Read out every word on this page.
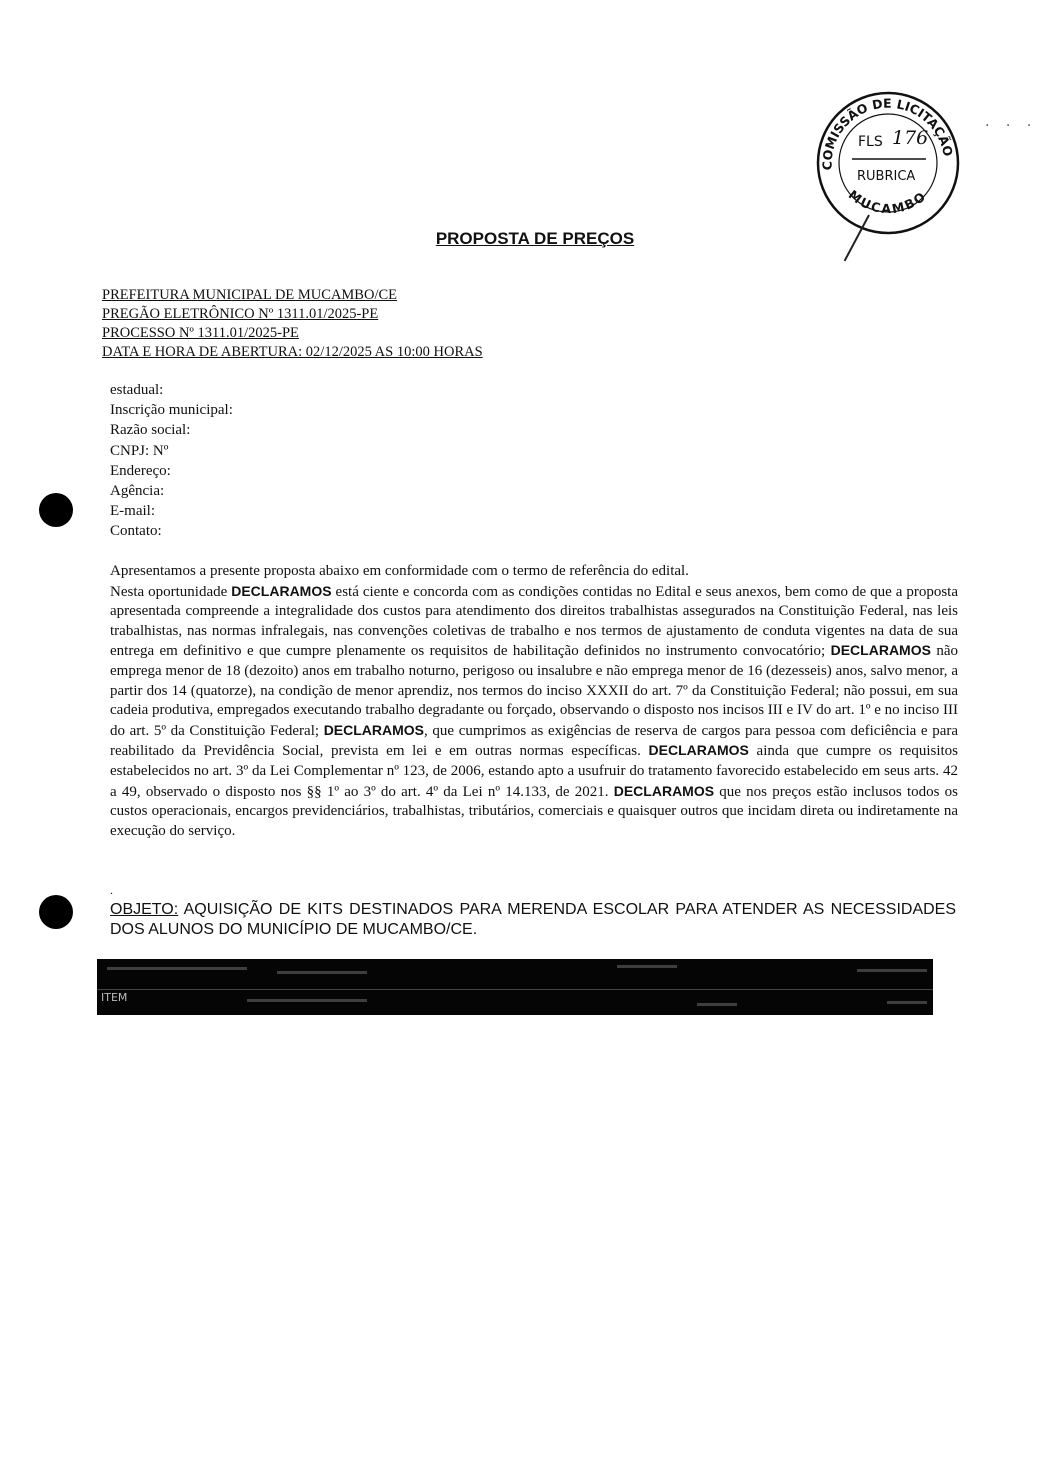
COMISSÃO DE LICITAÇÃO
MUCAMBO
FLS 176
RUBRICA
· · ·
PROPOSTA DE PREÇOS
PREFEITURA MUNICIPAL DE MUCAMBO/CE
PREGÃO ELETRÔNICO Nº 1311.01/2025-PE
PROCESSO Nº 1311.01/2025-PE
DATA E HORA DE ABERTURA: 02/12/2025 AS 10:00 HORAS
estadual:
Inscrição municipal:
Razão social:
CNPJ: Nº
Endereço:
Agência:
E-mail:
Contato:
Apresentamos a presente proposta abaixo em conformidade com o termo de referência do edital.
Nesta oportunidade DECLARAMOS está ciente e concorda com as condições contidas no Edital e seus anexos, bem como de que a proposta apresentada compreende a integralidade dos custos para atendimento dos direitos trabalhistas assegurados na Constituição Federal, nas leis trabalhistas, nas normas infralegais, nas convenções coletivas de trabalho e nos termos de ajustamento de conduta vigentes na data de sua entrega em definitivo e que cumpre plenamente os requisitos de habilitação definidos no instrumento convocatório; DECLARAMOS não emprega menor de 18 (dezoito) anos em trabalho noturno, perigoso ou insalubre e não emprega menor de 16 (dezesseis) anos, salvo menor, a partir dos 14 (quatorze), na condição de menor aprendiz, nos termos do inciso XXXII do art. 7º da Constituição Federal; não possui, em sua cadeia produtiva, empregados executando trabalho degradante ou forçado, observando o disposto nos incisos III e IV do art. 1º e no inciso III do art. 5º da Constituição Federal; DECLARAMOS, que cumprimos as exigências de reserva de cargos para pessoa com deficiência e para reabilitado da Previdência Social, prevista em lei e em outras normas específicas. DECLARAMOS ainda que cumpre os requisitos estabelecidos no art. 3º da Lei Complementar nº 123, de 2006, estando apto a usufruir do tratamento favorecido estabelecido em seus arts. 42 a 49, observado o disposto nos §§ 1º ao 3º do art. 4º da Lei nº 14.133, de 2021. DECLARAMOS que nos preços estão inclusos todos os custos operacionais, encargos previdenciários, trabalhistas, tributários, comerciais e quaisquer outros que incidam direta ou indiretamente na execução do serviço.
.
OBJETO: AQUISIÇÃO DE KITS DESTINADOS PARA MERENDA ESCOLAR PARA ATENDER AS NECESSIDADES DOS ALUNOS DO MUNICÍPIO DE MUCAMBO/CE.
ITEM
